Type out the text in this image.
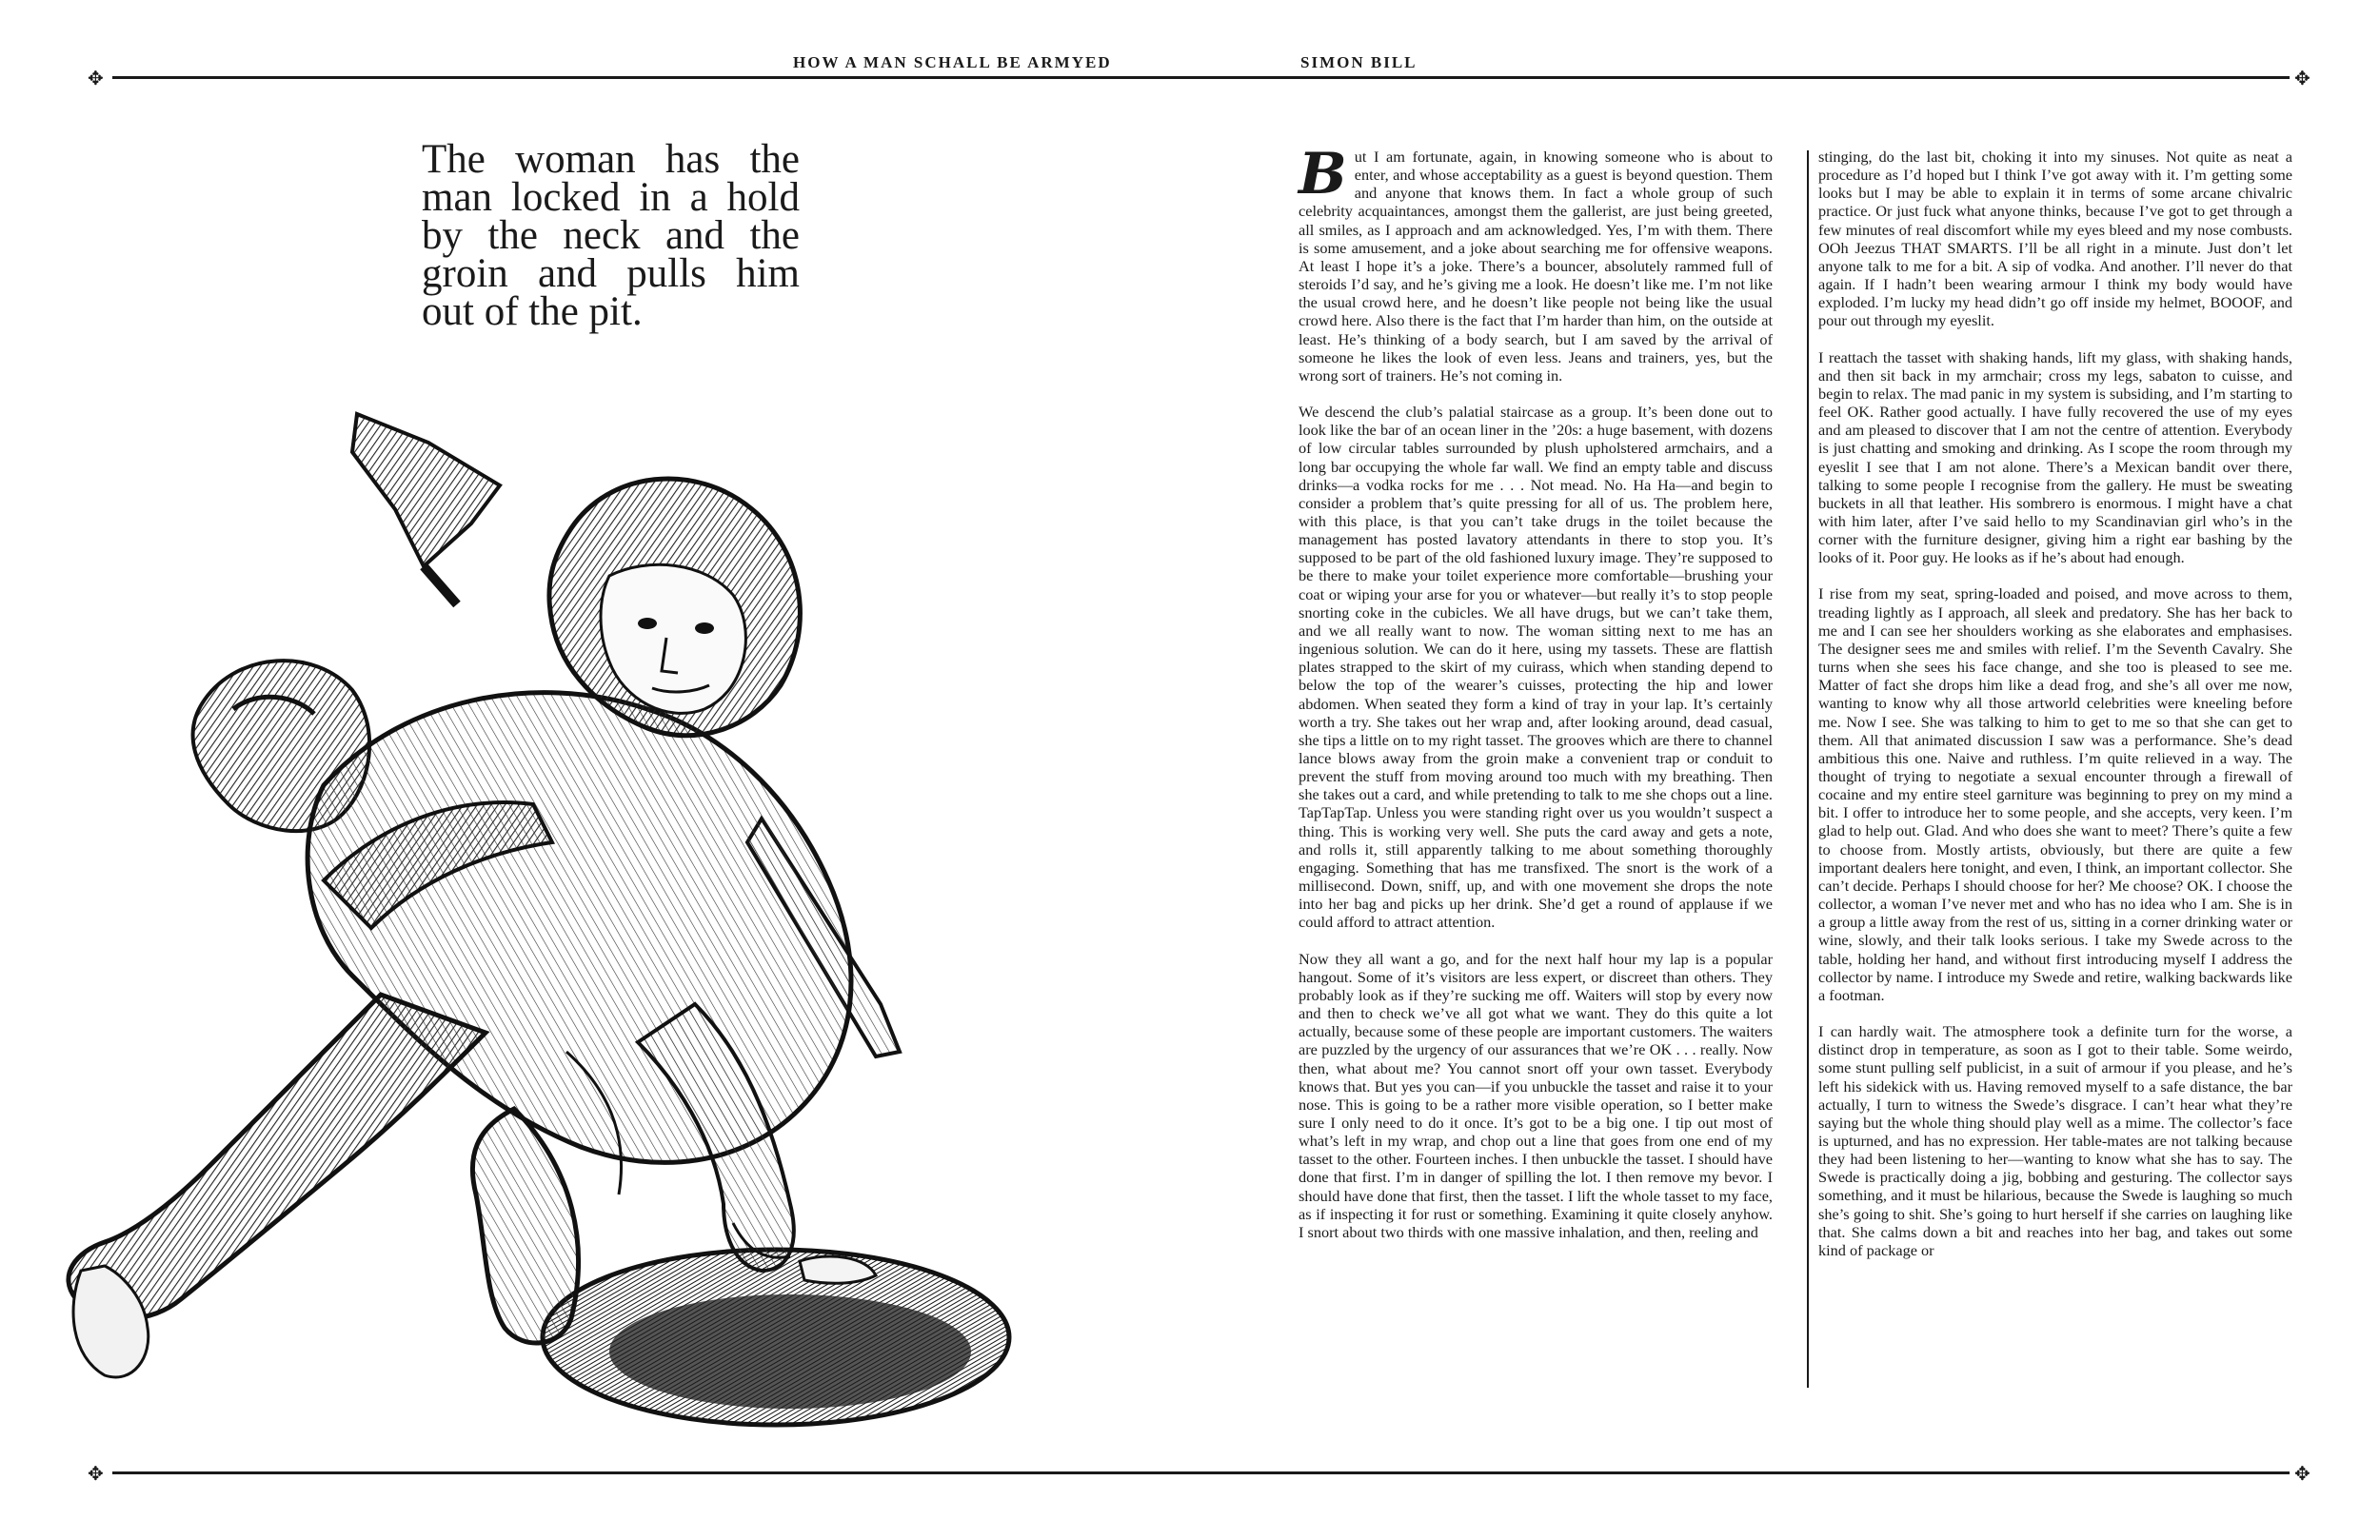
✥	✥
HOW A MAN SCHALL BE ARMYED	SIMON BILL
The woman has the man locked in a hold by the neck and the groin and pulls him out of the pit.

But I am fortunate, again, in knowing someone who is about to enter, and whose acceptability as a guest is beyond question. Them and anyone that knows them. In fact a whole group of such celebrity acquaintances, amongst them the gallerist, are just being greeted, all smiles, as I approach and am acknowledged. Yes, I’m with them. There is some amusement, and a joke about searching me for offensive weapons. At least I hope it’s a joke. There’s a bouncer, absolutely rammed full of steroids I’d say, and he’s giving me a look. He doesn’t like me. I’m not like the usual crowd here, and he doesn’t like people not being like the usual crowd here. Also there is the fact that I’m harder than him, on the outside at least. He’s thinking of a body search, but I am saved by the arrival of someone he likes the look of even less. Jeans and trainers, yes, but the wrong sort of trainers. He’s not coming in.

We descend the club’s palatial staircase as a group. It’s been done out to look like the bar of an ocean liner in the ’20s: a huge basement, with dozens of low circular tables surrounded by plush upholstered armchairs, and a long bar occupying the whole far wall. We find an empty table and discuss drinks—a vodka rocks for me . . . Not mead. No. Ha Ha—and begin to consider a problem that’s quite pressing for all of us. The problem here, with this place, is that you can’t take drugs in the toilet because the management has posted lavatory attendants in there to stop you. It’s supposed to be part of the old fashioned luxury image. They’re supposed to be there to make your toilet experience more comfortable—brushing your coat or wiping your arse for you or whatever—but really it’s to stop people snorting coke in the cubicles. We all have drugs, but we can’t take them, and we all really want to now. The woman sitting next to me has an ingenious solution. We can do it here, using my tassets. These are flattish plates strapped to the skirt of my cuirass, which when standing depend to below the top of the wearer’s cuisses, protecting the hip and lower abdomen. When seated they form a kind of tray in your lap. It’s certainly worth a try. She takes out her wrap and, after looking around, dead casual, she tips a little on to my right tasset. The grooves which are there to channel lance blows away from the groin make a convenient trap or conduit to prevent the stuff from moving around too much with my breathing. Then she takes out a card, and while pretending to talk to me she chops out a line. TapTapTap. Unless you were standing right over us you wouldn’t suspect a thing. This is working very well. She puts the card away and gets a note, and rolls it, still apparently talking to me about something thoroughly engaging. Something that has me transfixed. The snort is the work of a millisecond. Down, sniff, up, and with one movement she drops the note into her bag and picks up her drink. She’d get a round of applause if we could afford to attract attention.

Now they all want a go, and for the next half hour my lap is a popular hangout. Some of it’s visitors are less expert, or discreet than others. They probably look as if they’re sucking me off. Waiters will stop by every now and then to check we’ve all got what we want. They do this quite a lot actually, because some of these people are important customers. The waiters are puzzled by the urgency of our assurances that we’re OK . . . really. Now then, what about me? You cannot snort off your own tasset. Everybody knows that. But yes you can—if you unbuckle the tasset and raise it to your nose. This is going to be a rather more visible operation, so I better make sure I only need to do it once. It’s got to be a big one. I tip out most of what’s left in my wrap, and chop out a line that goes from one end of my tasset to the other. Fourteen inches. I then unbuckle the tasset. I should have done that first. I’m in danger of spilling the lot. I then remove my bevor. I should have done that first, then the tasset. I lift the whole tasset to my face, as if inspecting it for rust or something. Examining it quite closely anyhow. I snort about two thirds with one massive inhalation, and then, reeling and

stinging, do the last bit, choking it into my sinuses. Not quite as neat a procedure as I’d hoped but I think I’ve got away with it. I’m getting some looks but I may be able to explain it in terms of some arcane chivalric practice. Or just fuck what anyone thinks, because I’ve got to get through a few minutes of real discomfort while my eyes bleed and my nose combusts. OOh Jeezus THAT SMARTS. I’ll be all right in a minute. Just don’t let anyone talk to me for a bit. A sip of vodka. And another. I’ll never do that again. If I hadn’t been wearing armour I think my body would have exploded. I’m lucky my head didn’t go off inside my helmet, BOOOF, and pour out through my eyeslit.

I reattach the tasset with shaking hands, lift my glass, with shaking hands, and then sit back in my armchair; cross my legs, sabaton to cuisse, and begin to relax. The mad panic in my system is subsiding, and I’m starting to feel OK. Rather good actually. I have fully recovered the use of my eyes and am pleased to discover that I am not the centre of attention. Everybody is just chatting and smoking and drinking. As I scope the room through my eyeslit I see that I am not alone. There’s a Mexican bandit over there, talking to some people I recognise from the gallery. He must be sweating buckets in all that leather. His sombrero is enormous. I might have a chat with him later, after I’ve said hello to my Scandinavian girl who’s in the corner with the furniture designer, giving him a right ear bashing by the looks of it. Poor guy. He looks as if he’s about had enough.

I rise from my seat, spring-loaded and poised, and move across to them, treading lightly as I approach, all sleek and predatory. She has her back to me and I can see her shoulders working as she elaborates and emphasises. The designer sees me and smiles with relief. I’m the Seventh Cavalry. She turns when she sees his face change, and she too is pleased to see me. Matter of fact she drops him like a dead frog, and she’s all over me now, wanting to know why all those artworld celebrities were kneeling before me. Now I see. She was talking to him to get to me so that she can get to them. All that animated discussion I saw was a performance. She’s dead ambitious this one. Naive and ruthless. I’m quite relieved in a way. The thought of trying to negotiate a sexual encounter through a firewall of cocaine and my entire steel garniture was beginning to prey on my mind a bit. I offer to introduce her to some people, and she accepts, very keen. I’m glad to help out. Glad. And who does she want to meet? There’s quite a few to choose from. Mostly artists, obviously, but there are quite a few important dealers here tonight, and even, I think, an important collector. She can’t decide. Perhaps I should choose for her? Me choose? OK. I choose the collector, a woman I’ve never met and who has no idea who I am. She is in a group a little away from the rest of us, sitting in a corner drinking water or wine, slowly, and their talk looks serious. I take my Swede across to the table, holding her hand, and without first introducing myself I address the collector by name. I introduce my Swede and retire, walking backwards like a footman.

I can hardly wait. The atmosphere took a definite turn for the worse, a distinct drop in temperature, as soon as I got to their table. Some weirdo, some stunt pulling self publicist, in a suit of armour if you please, and he’s left his sidekick with us. Having removed myself to a safe distance, the bar actually, I turn to witness the Swede’s disgrace. I can’t hear what they’re saying but the whole thing should play well as a mime. The collector’s face is upturned, and has no expression. Her table-mates are not talking because they had been listening to her—wanting to know what she has to say. The Swede is practically doing a jig, bobbing and gesturing. The collector says something, and it must be hilarious, because the Swede is laughing so much she’s going to shit. She’s going to hurt herself if she carries on laughing like that. She calms down a bit and reaches into her bag, and takes out some kind of package or

✥	✥
